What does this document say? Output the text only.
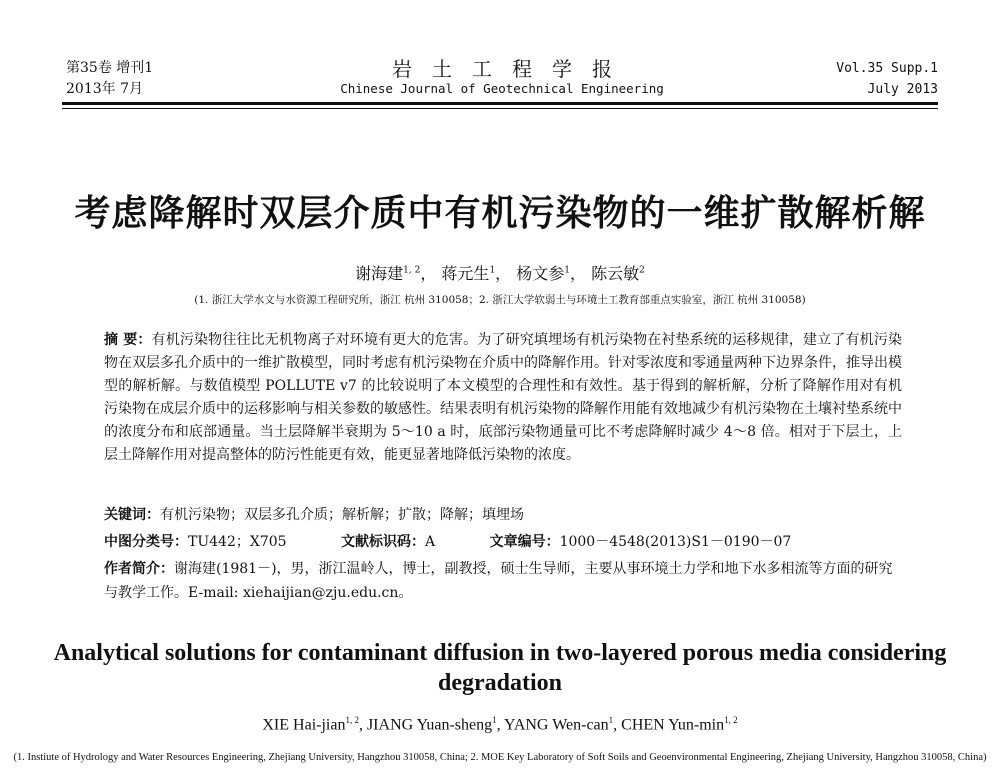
第35卷 增刊1
2013年 7月
岩土工程学报
Chinese Journal of Geotechnical Engineering
Vol.35 Supp.1
July 2013
考虑降解时双层介质中有机污染物的一维扩散解析解
谢海建$^{1, 2}$， 蒋元生$^1$， 杨文参$^1$， 陈云敏$^2$
(1. 浙江大学水文与水资源工程研究所，浙江 杭州 310058；2. 浙江大学软弱土与环境土工教育部重点实验室，浙江 杭州 310058)
摘 要：有机污染物往往比无机物离子对环境有更大的危害。为了研究填埋场有机污染物在衬垫系统的运移规律，建立了有机污染物在双层多孔介质中的一维扩散模型，同时考虑有机污染物在介质中的降解作用。针对零浓度和零通量两种下边界条件，推导出模型的解析解。与数值模型 POLLUTE v7 的比较说明了本文模型的合理性和有效性。基于得到的解析解，分析了降解作用对有机污染物在成层介质中的运移影响与相关参数的敏感性。结果表明有机污染物的降解作用能有效地减少有机污染物在土壤衬垫系统中的浓度分布和底部通量。当土层降解半衰期为 5～10 a 时，底部污染物通量可比不考虑降解时减少 4～8 倍。相对于下层土，上层土降解作用对提高整体的防污性能更有效，能更显著地降低污染物的浓度。
关键词：有机污染物；双层多孔介质；解析解；扩散；降解；填埋场
中图分类号：TU442；X705	文献标识码：A	文章编号：1000－4548(2013)S1－0190－07
作者简介：谢海建(1981－)，男，浙江温岭人，博士，副教授，硕士生导师，主要从事环境土力学和地下水多相流等方面的研究与教学工作。E-mail: xiehaijian@zju.edu.cn。
Analytical solutions for contaminant diffusion in two-layered porous media considering degradation
XIE Hai-jian$^{1, 2}$, JIANG Yuan-sheng$^1$, YANG Wen-can$^1$, CHEN Yun-$\min^{1, 2}$
(1. Instiute of Hydrology and Water Resources Engineering, Zhejiang University, Hangzhou 310058, China; 2. MOE Key Laboratory of Soft Soils and Geoenvironmental Engineering, Zhejiang University, Hangzhou 310058, China)
